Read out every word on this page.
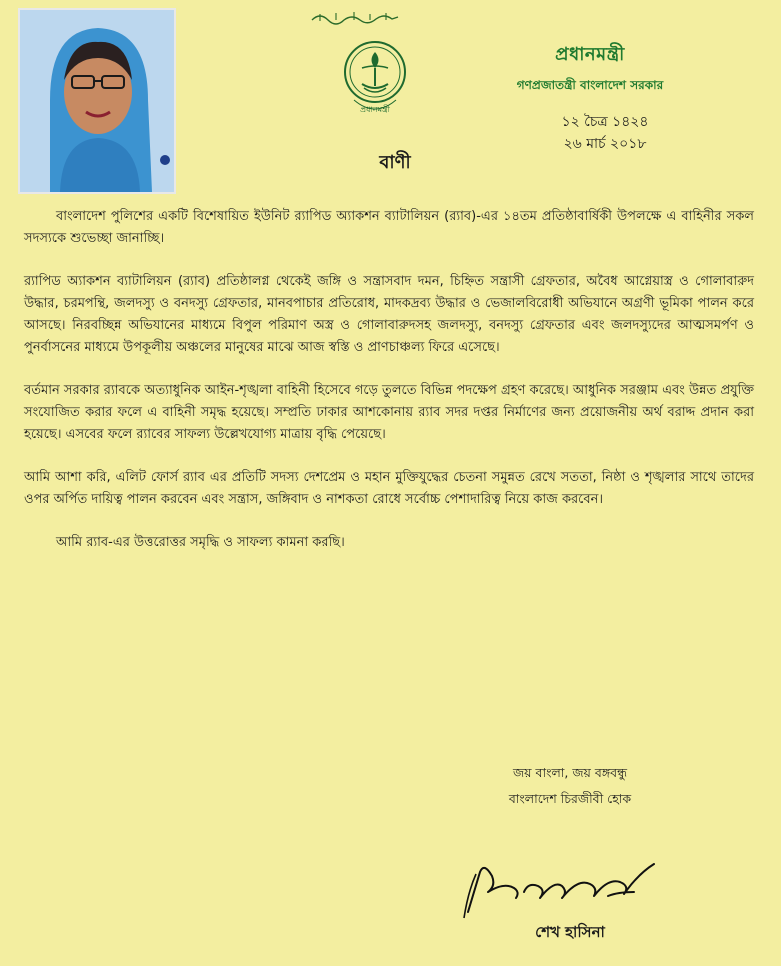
প্রধানমন্ত্রী
প্রধানমন্ত্রী
গণপ্রজাতন্ত্রী বাংলাদেশ সরকার
১২ চৈত্র ১৪২৪
২৬ মার্চ ২০১৮
বাণী

বাংলাদেশ পুলিশের একটি বিশেষায়িত ইউনিট র‌্যাপিড অ্যাকশন ব্যাটালিয়ন (র‌্যাব)-এর ১৪তম প্রতিষ্ঠাবার্ষিকী উপলক্ষে এ বাহিনীর সকল সদস্যকে শুভেচ্ছা জানাচ্ছি।

র‌্যাপিড অ্যাকশন ব্যাটালিয়ন (র‌্যাব) প্রতিষ্ঠালগ্ন থেকেই জঙ্গি ও সন্ত্রাসবাদ দমন, চিহ্নিত সন্ত্রাসী গ্রেফতার, অবৈধ আগ্নেয়াস্ত্র ও গোলাবারুদ উদ্ধার, চরমপন্থি, জলদস্যু ও বনদস্যু গ্রেফতার, মানবপাচার প্রতিরোধ, মাদকদ্রব্য উদ্ধার ও ভেজালবিরোধী অভিযানে অগ্রণী ভূমিকা পালন করে আসছে। নিরবচ্ছিন্ন অভিযানের মাধ্যমে বিপুল পরিমাণ অস্ত্র ও গোলাবারুদসহ জলদস্যু, বনদস্যু গ্রেফতার এবং জলদস্যুদের আত্মসমর্পণ ও পুনর্বাসনের মাধ্যমে উপকূলীয় অঞ্চলের মানুষের মাঝে আজ স্বস্তি ও প্রাণচাঞ্চল্য ফিরে এসেছে।

বর্তমান সরকার র‌্যাবকে অত্যাধুনিক আইন-শৃঙ্খলা বাহিনী হিসেবে গড়ে তুলতে বিভিন্ন পদক্ষেপ গ্রহণ করেছে। আধুনিক সরঞ্জাম এবং উন্নত প্রযুক্তি সংযোজিত করার ফলে এ বাহিনী সমৃদ্ধ হয়েছে। সম্প্রতি ঢাকার আশকোনায় র‌্যাব সদর দপ্তর নির্মাণের জন্য প্রয়োজনীয় অর্থ বরাদ্দ প্রদান করা হয়েছে। এসবের ফলে র‌্যাবের সাফল্য উল্লেখযোগ্য মাত্রায় বৃদ্ধি পেয়েছে।

আমি আশা করি, এলিট ফোর্স র‌্যাব এর প্রতিটি সদস্য দেশপ্রেম ও মহান মুক্তিযুদ্ধের চেতনা সমুন্নত রেখে সততা, নিষ্ঠা ও শৃঙ্খলার সাথে তাদের ওপর অর্পিত দায়িত্ব পালন করবেন এবং সন্ত্রাস, জঙ্গিবাদ ও নাশকতা রোধে সর্বোচ্চ পেশাদারিত্ব নিয়ে কাজ করবেন।

আমি র‌্যাব-এর উত্তরোত্তর সমৃদ্ধি ও সাফল্য কামনা করছি।

জয় বাংলা, জয় বঙ্গবন্ধু
বাংলাদেশ চিরজীবী হোক
শেখ হাসিনা
